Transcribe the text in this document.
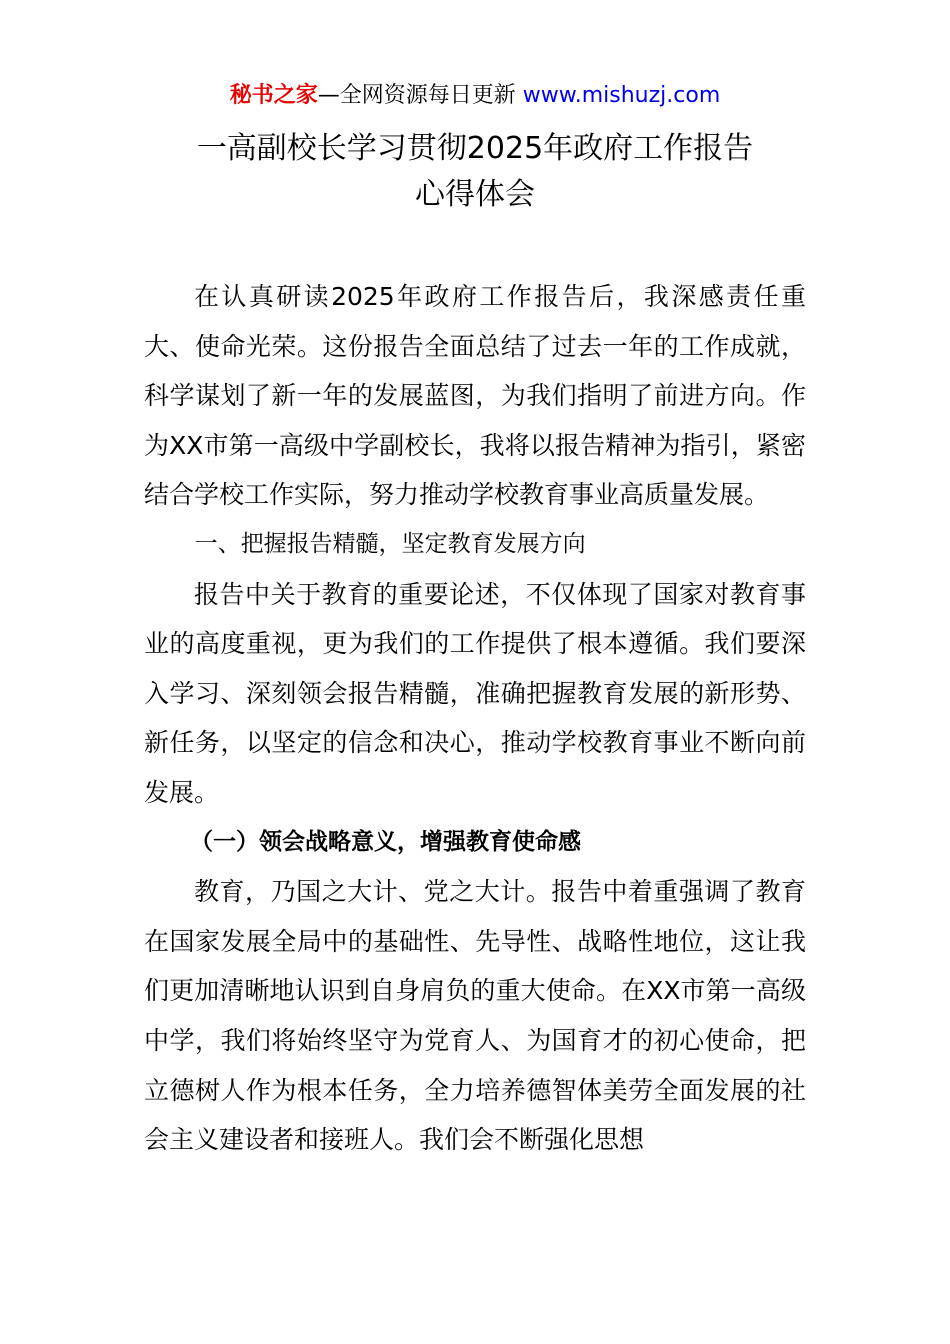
秘书之家—全网资源每日更新 www.mishuzj.com
一高副校长学习贯彻2025年政府工作报告
心得体会

在认真研读2025年政府工作报告后，我深感责任重大、使命光荣。这份报告全面总结了过去一年的工作成就，科学谋划了新一年的发展蓝图，为我们指明了前进方向。作为XX市第一高级中学副校长，我将以报告精神为指引，紧密结合学校工作实际，努力推动学校教育事业高质量发展。

一、把握报告精髓，坚定教育发展方向

报告中关于教育的重要论述，不仅体现了国家对教育事业的高度重视，更为我们的工作提供了根本遵循。我们要深入学习、深刻领会报告精髓，准确把握教育发展的新形势、新任务，以坚定的信念和决心，推动学校教育事业不断向前发展。

（一）领会战略意义，增强教育使命感

教育，乃国之大计、党之大计。报告中着重强调了教育在国家发展全局中的基础性、先导性、战略性地位，这让我们更加清晰地认识到自身肩负的重大使命。在XX市第一高级中学，我们将始终坚守为党育人、为国育才的初心使命，把立德树人作为根本任务，全力培养德智体美劳全面发展的社会主义建设者和接班人。我们会不断强化思想
